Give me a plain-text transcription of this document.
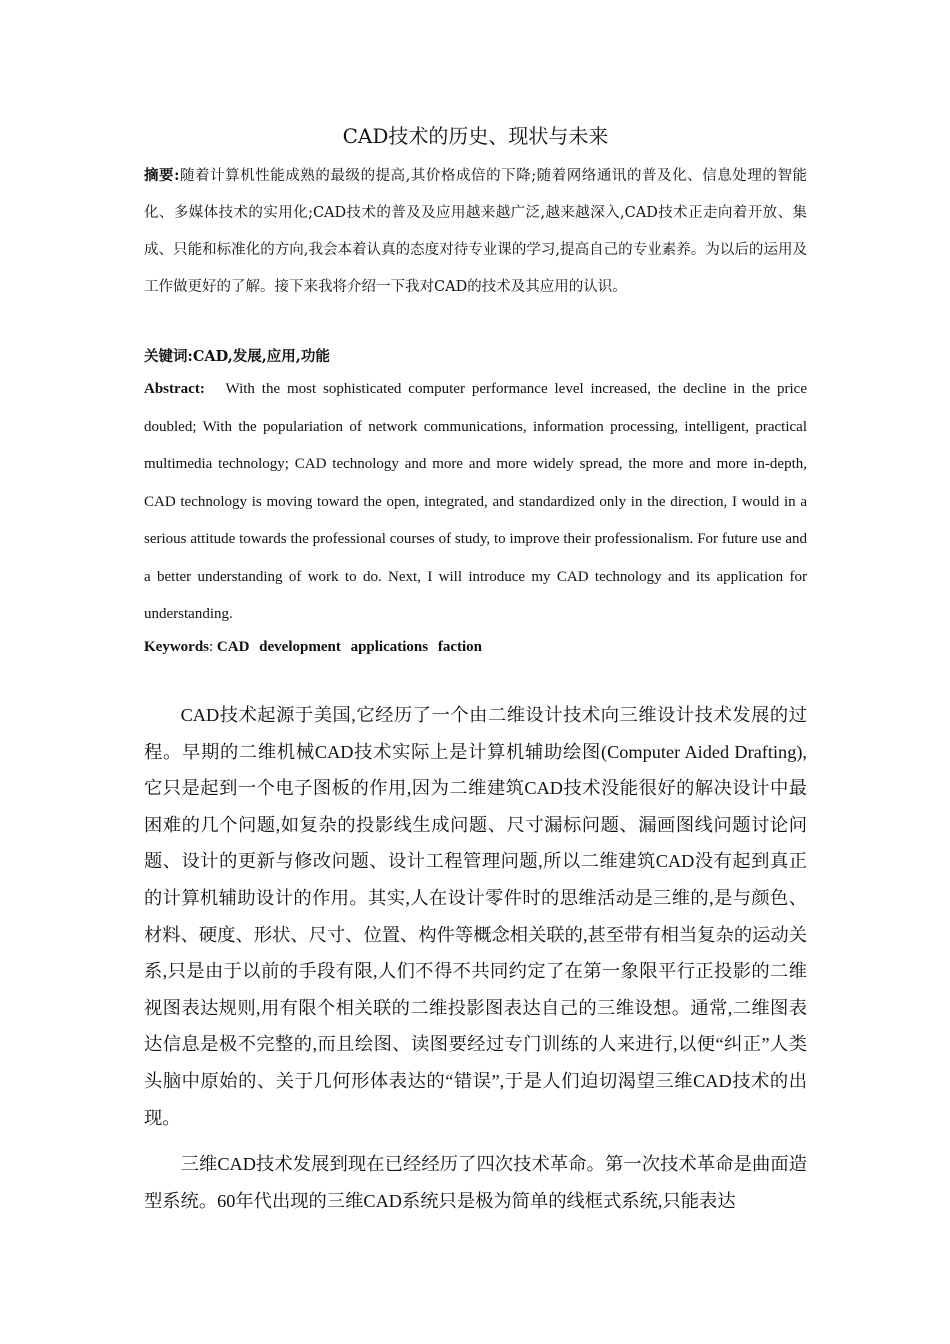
CAD技术的历史、现状与未来

摘要:随着计算机性能成熟的最级的提高,其价格成倍的下降;随着网络通讯的普及化、信息处理的智能化、多媒体技术的实用化;CAD技术的普及及应用越来越广泛,越来越深入,CAD技术正走向着开放、集成、只能和标准化的方向,我会本着认真的态度对待专业课的学习,提高自己的专业素养。为以后的运用及工作做更好的了解。接下来我将介绍一下我对CAD的技术及其应用的认识。

关键词:CAD,发展,应用,功能

Abstract: With the most sophisticated computer performance level increased, the decline in the price doubled; With the populariation of network communications, information processing, intelligent, practical multimedia technology; CAD technology and more and more widely spread, the more and more in-depth, CAD technology is moving toward the open, integrated, and standardized only in the direction, I would in a serious attitude towards the professional courses of study, to improve their professionalism. For future use and a better understanding of work to do. Next, I will introduce my CAD technology and its application for understanding.

Keywords: CAD development applications faction

CAD技术起源于美国,它经历了一个由二维设计技术向三维设计技术发展的过程。早期的二维机械CAD技术实际上是计算机辅助绘图(Computer Aided Drafting),它只是起到一个电子图板的作用,因为二维建筑CAD技术没能很好的解决设计中最困难的几个问题,如复杂的投影线生成问题、尺寸漏标问题、漏画图线问题讨论问题、设计的更新与修改问题、设计工程管理问题,所以二维建筑CAD没有起到真正的计算机辅助设计的作用。其实,人在设计零件时的思维活动是三维的,是与颜色、材料、硬度、形状、尺寸、位置、构件等概念相关联的,甚至带有相当复杂的运动关系,只是由于以前的手段有限,人们不得不共同约定了在第一象限平行正投影的二维视图表达规则,用有限个相关联的二维投影图表达自己的三维设想。通常,二维图表达信息是极不完整的,而且绘图、读图要经过专门训练的人来进行,以便“纠正”人类头脑中原始的、关于几何形体表达的“错误”,于是人们迫切渴望三维CAD技术的出现。

三维CAD技术发展到现在已经经历了四次技术革命。第一次技术革命是曲面造型系统。60年代出现的三维CAD系统只是极为简单的线框式系统,只能表达
